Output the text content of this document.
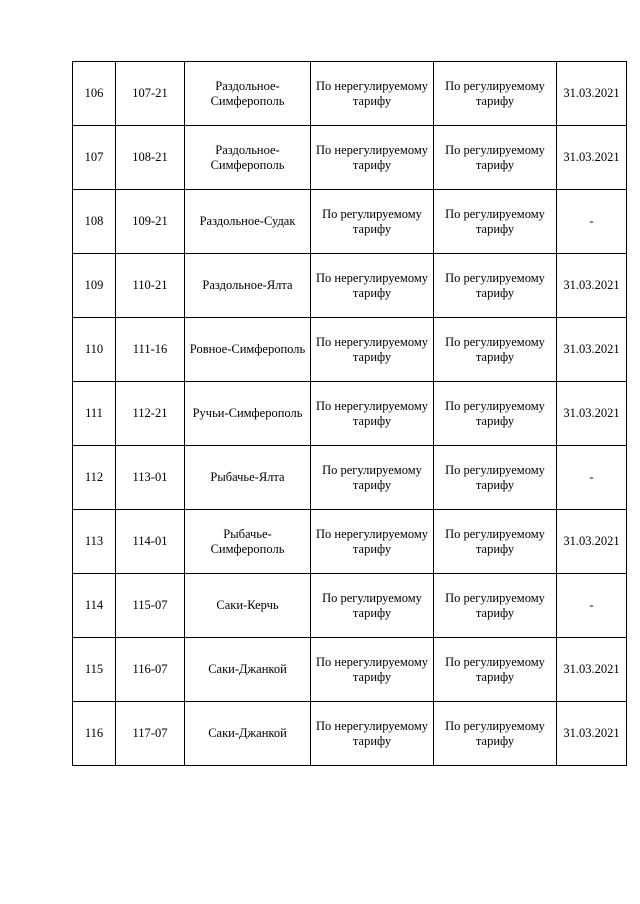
106	107-21	Раздольное-Симферополь	По нерегулируемому тарифу	По регулируемому тарифу	31.03.2021
107	108-21	Раздольное-Симферополь	По нерегулируемому тарифу	По регулируемому тарифу	31.03.2021
108	109-21	Раздольное-Судак	По регулируемому тарифу	По регулируемому тарифу	-
109	110-21	Раздольное-Ялта	По нерегулируемому тарифу	По регулируемому тарифу	31.03.2021
110	111-16	Ровное-Симферополь	По нерегулируемому тарифу	По регулируемому тарифу	31.03.2021
111	112-21	Ручьи-Симферополь	По нерегулируемому тарифу	По регулируемому тарифу	31.03.2021
112	113-01	Рыбачье-Ялта	По регулируемому тарифу	По регулируемому тарифу	-
113	114-01	Рыбачье-Симферополь	По нерегулируемому тарифу	По регулируемому тарифу	31.03.2021
114	115-07	Саки-Керчь	По регулируемому тарифу	По регулируемому тарифу	-
115	116-07	Саки-Джанкой	По нерегулируемому тарифу	По регулируемому тарифу	31.03.2021
116	117-07	Саки-Джанкой	По нерегулируемому тарифу	По регулируемому тарифу	31.03.2021
